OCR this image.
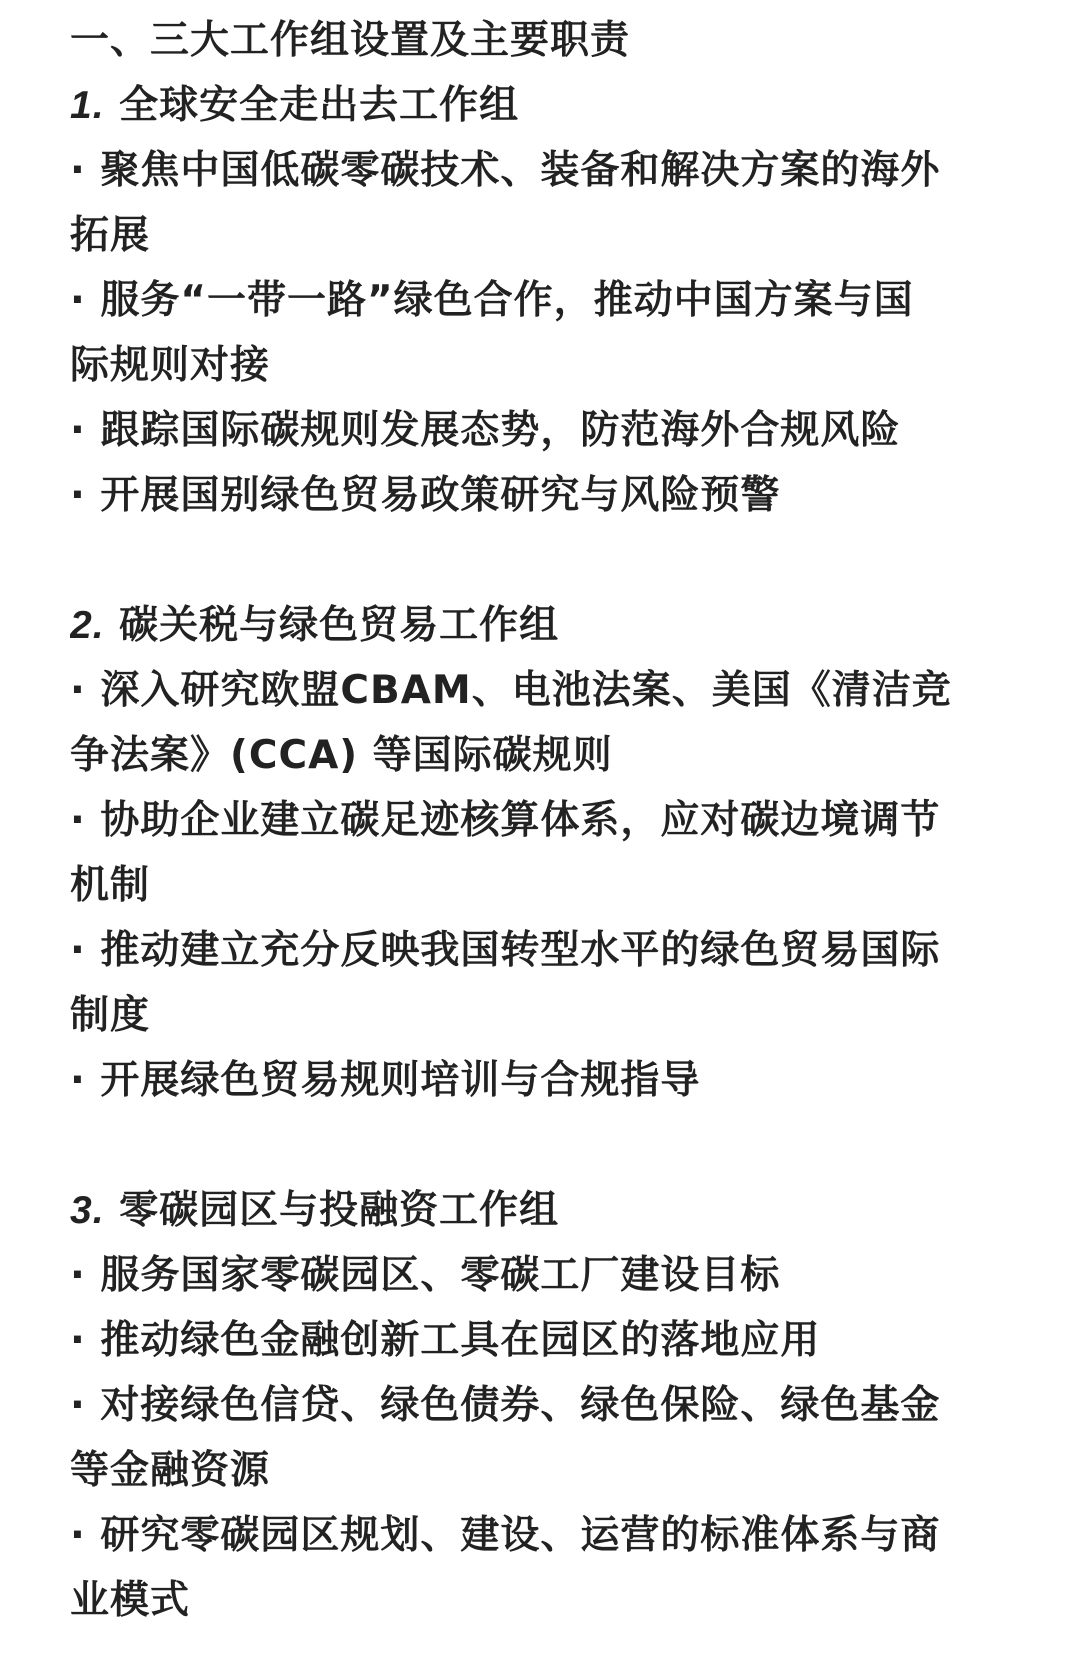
一、三大工作组设置及主要职责
1. 全球安全走出去工作组
· 聚焦中国低碳零碳技术、装备和解决方案的海外
拓展
· 服务“一带一路”绿色合作，推动中国方案与国
际规则对接
· 跟踪国际碳规则发展态势，防范海外合规风险
· 开展国别绿色贸易政策研究与风险预警
2. 碳关税与绿色贸易工作组
· 深入研究欧盟CBAM、电池法案、美国《清洁竞
争法案》(CCA) 等国际碳规则
· 协助企业建立碳足迹核算体系，应对碳边境调节
机制
· 推动建立充分反映我国转型水平的绿色贸易国际
制度
· 开展绿色贸易规则培训与合规指导
3. 零碳园区与投融资工作组
· 服务国家零碳园区、零碳工厂建设目标
· 推动绿色金融创新工具在园区的落地应用
· 对接绿色信贷、绿色债券、绿色保险、绿色基金
等金融资源
· 研究零碳园区规划、建设、运营的标准体系与商
业模式
